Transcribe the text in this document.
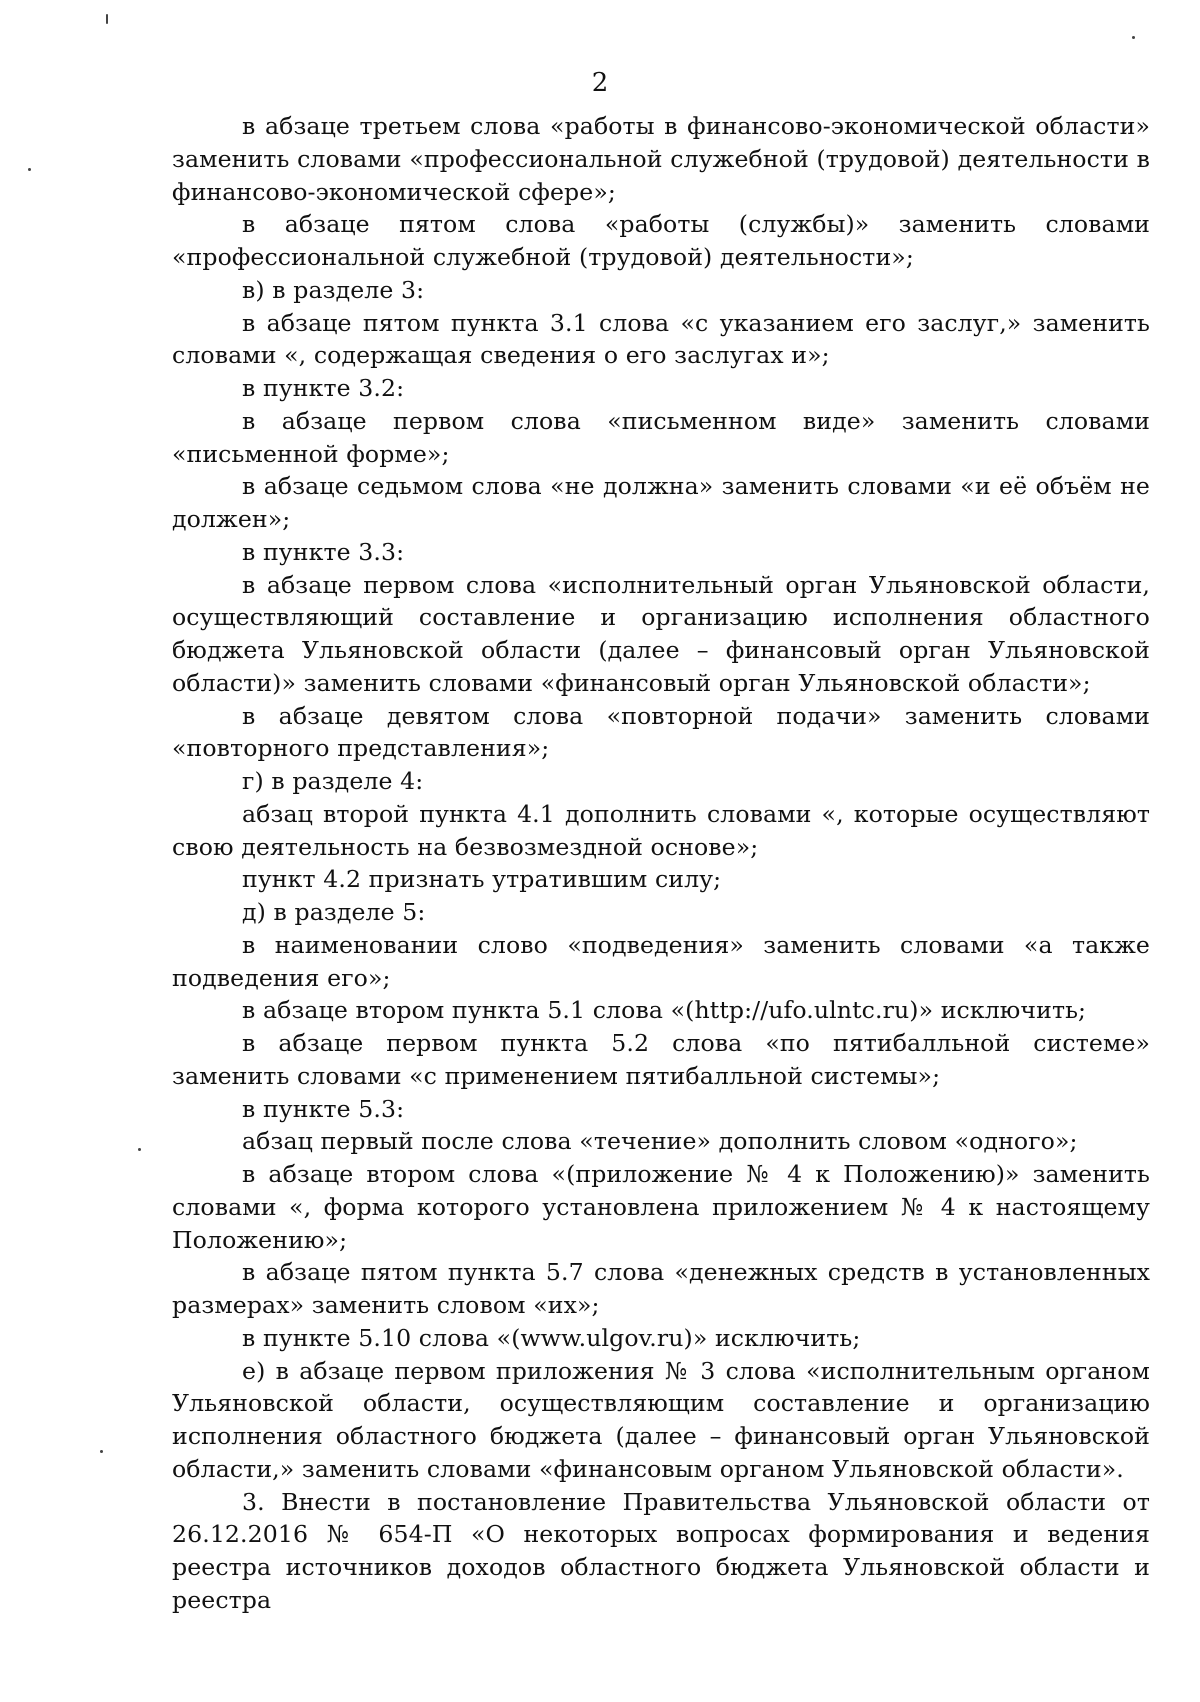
2

в абзаце третьем слова «работы в финансово-экономической области» заменить словами «профессиональной служебной (трудовой) деятельности в финансово-экономической сфере»;

в абзаце пятом слова «работы (службы)» заменить словами «профессиональной служебной (трудовой) деятельности»;

в) в разделе 3:

в абзаце пятом пункта 3.1 слова «с указанием его заслуг,» заменить словами «, содержащая сведения о его заслугах и»;

в пункте 3.2:

в абзаце первом слова «письменном виде» заменить словами «письменной форме»;

в абзаце седьмом слова «не должна» заменить словами «и её объём не должен»;

в пункте 3.3:

в абзаце первом слова «исполнительный орган Ульяновской области, осуществляющий составление и организацию исполнения областного бюджета Ульяновской области (далее – финансовый орган Ульяновской области)» заменить словами «финансовый орган Ульяновской области»;

в абзаце девятом слова «повторной подачи» заменить словами «повторного представления»;

г) в разделе 4:

абзац второй пункта 4.1 дополнить словами «, которые осуществляют свою деятельность на безвозмездной основе»;

пункт 4.2 признать утратившим силу;

д) в разделе 5:

в наименовании слово «подведения» заменить словами «а также подведения его»;

в абзаце втором пункта 5.1 слова «(http://ufo.ulntc.ru)» исключить;

в абзаце первом пункта 5.2 слова «по пятибалльной системе» заменить словами «с применением пятибалльной системы»;

в пункте 5.3:

абзац первый после слова «течение» дополнить словом «одного»;

в абзаце втором слова «(приложение № 4 к Положению)» заменить словами «, форма которого установлена приложением № 4 к настоящему Положению»;

в абзаце пятом пункта 5.7 слова «денежных средств в установленных размерах» заменить словом «их»;

в пункте 5.10 слова «(www.ulgov.ru)» исключить;

е) в абзаце первом приложения № 3 слова «исполнительным органом Ульяновской области, осуществляющим составление и организацию исполнения областного бюджета (далее – финансовый орган Ульяновской области,» заменить словами «финансовым органом Ульяновской области».

3. Внести в постановление Правительства Ульяновской области от 26.12.2016 № 654-П «О некоторых вопросах формирования и ведения реестра источников доходов областного бюджета Ульяновской области и реестра
